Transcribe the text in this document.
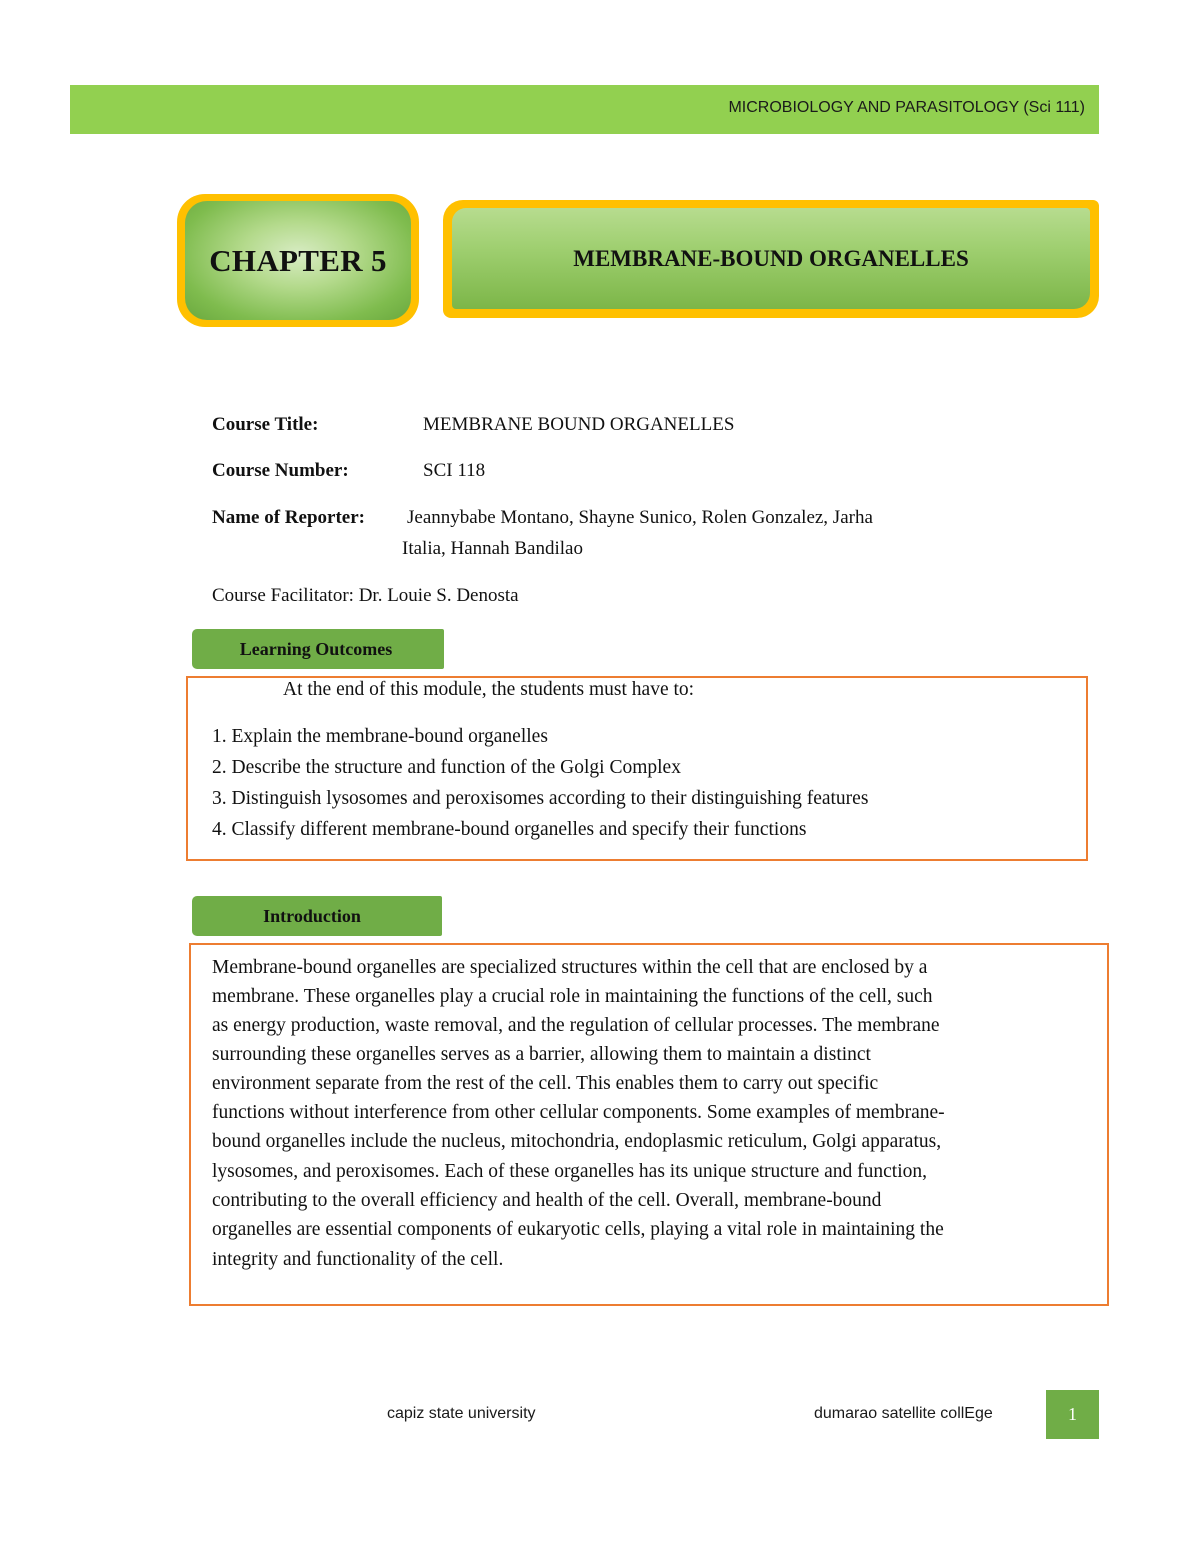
MICROBIOLOGY AND PARASITOLOGY (Sci 111)
CHAPTER 5	MEMBRANE-BOUND ORGANELLES
Course Title:	MEMBRANE BOUND ORGANELLES
Course Number:	SCI 118
Name of Reporter: Jeannybabe Montano, Shayne Sunico, Rolen Gonzalez, Jarha
Italia, Hannah Bandilao
Course Facilitator: Dr. Louie S. Denosta
Learning Outcomes
At the end of this module, the students must have to:
1. Explain the membrane-bound organelles
2. Describe the structure and function of the Golgi Complex
3. Distinguish lysosomes and peroxisomes according to their distinguishing features
4. Classify different membrane-bound organelles and specify their functions
Introduction
Membrane-bound organelles are specialized structures within the cell that are enclosed by a
membrane. These organelles play a crucial role in maintaining the functions of the cell, such
as energy production, waste removal, and the regulation of cellular processes. The membrane
surrounding these organelles serves as a barrier, allowing them to maintain a distinct
environment separate from the rest of the cell. This enables them to carry out specific
functions without interference from other cellular components. Some examples of membrane-
bound organelles include the nucleus, mitochondria, endoplasmic reticulum, Golgi apparatus,
lysosomes, and peroxisomes. Each of these organelles has its unique structure and function,
contributing to the overall efficiency and health of the cell. Overall, membrane-bound
organelles are essential components of eukaryotic cells, playing a vital role in maintaining the
integrity and functionality of the cell.
capiz state university	dumarao satellite collEge	1
